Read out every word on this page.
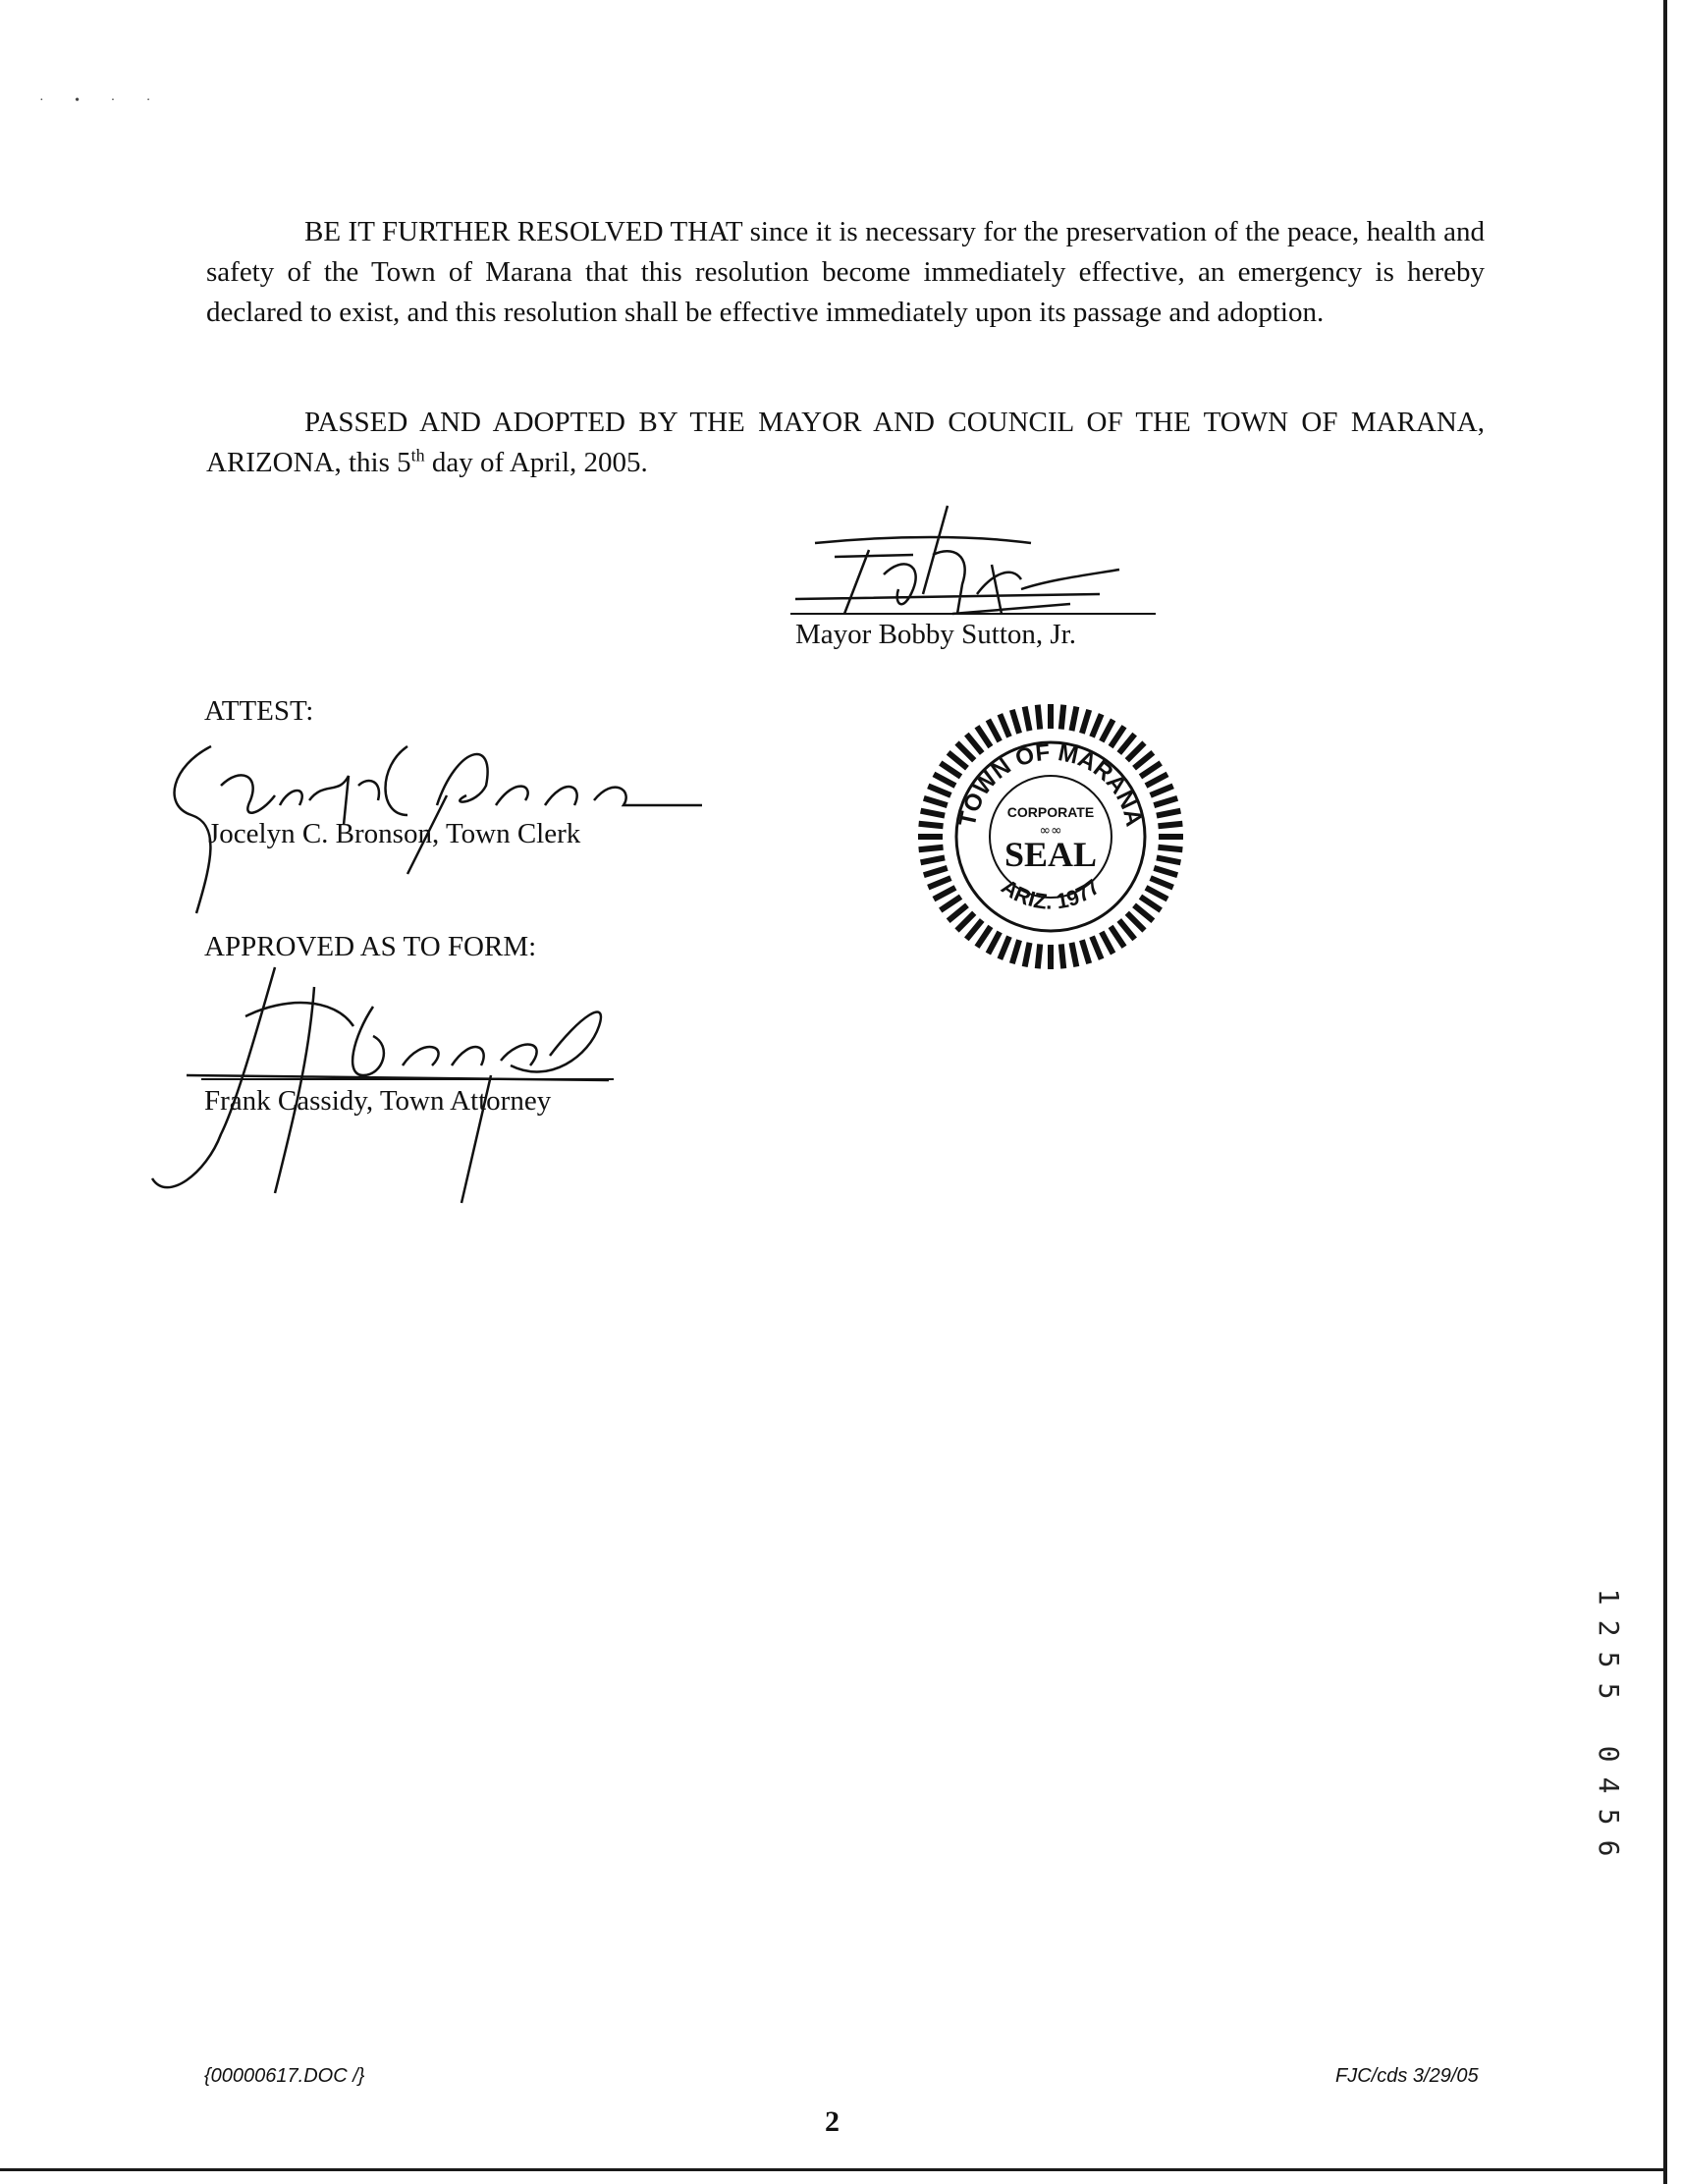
· • · ·

BE IT FURTHER RESOLVED THAT since it is necessary for the preservation of the peace, health and safety of the Town of Marana that this resolution become immediately effective, an emergency is hereby declared to exist, and this resolution shall be effective immediately upon its passage and adoption.

PASSED AND ADOPTED BY THE MAYOR AND COUNCIL OF THE TOWN OF MARANA, ARIZONA, this 5th day of April, 2005.

Mayor Bobby Sutton, Jr.
ATTEST:
Jocelyn C. Bronson, Town Clerk
APPROVED AS TO FORM:
Frank Cassidy, Town Attorney
TOWN OF MARANA
ARIZ. 1977
CORPORATE
∞∞
SEAL
1
2
5
5
0
4
5
6
{00000617.DOC /}	FJC/cds 3/29/05
2
